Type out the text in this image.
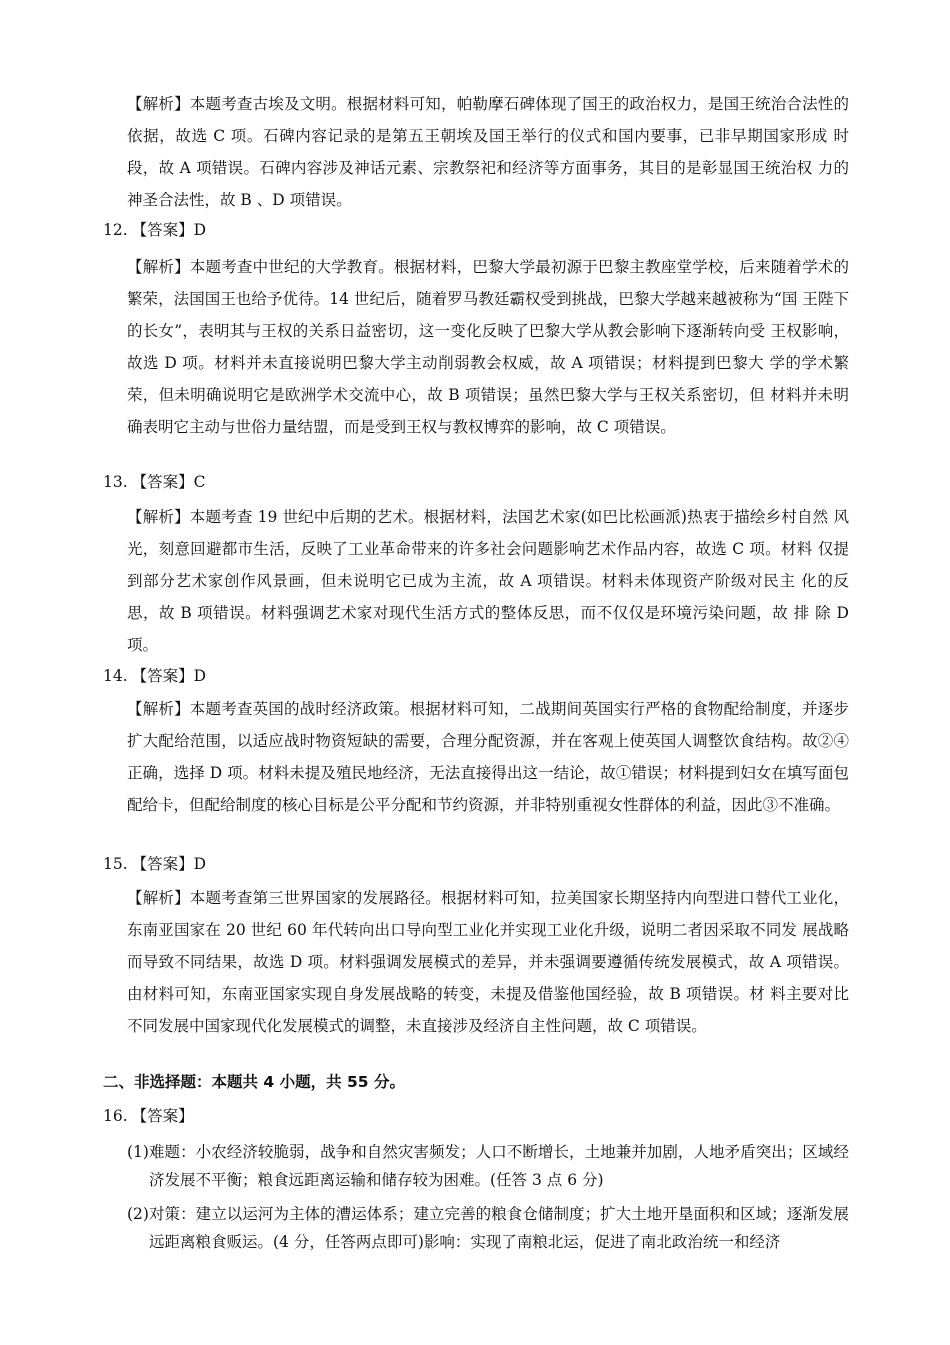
【解析】本题考查古埃及文明。根据材料可知，帕勒摩石碑体现了国王的政治权力，是国王统治合法性的依据，故选 C 项。石碑内容记录的是第五王朝埃及国王举行的仪式和国内要事，已非早期国家形成 时段，故 A 项错误。石碑内容涉及神话元素、宗教祭祀和经济等方面事务，其目的是彰显国王统治权 力的神圣合法性，故 B 、D 项错误。

12. 【答案】D

【解析】本题考查中世纪的大学教育。根据材料，巴黎大学最初源于巴黎主教座堂学校，后来随着学术的繁荣，法国国王也给予优待。14 世纪后，随着罗马教廷霸权受到挑战，巴黎大学越来越被称为“国 王陛下的长女”，表明其与王权的关系日益密切，这一变化反映了巴黎大学从教会影响下逐渐转向受 王权影响，故选 D 项。材料并未直接说明巴黎大学主动削弱教会权威，故 A 项错误；材料提到巴黎大 学的学术繁荣，但未明确说明它是欧洲学术交流中心，故 B 项错误；虽然巴黎大学与王权关系密切，但 材料并未明确表明它主动与世俗力量结盟，而是受到王权与教权博弈的影响，故 C 项错误。

13. 【答案】C

【解析】本题考查 19 世纪中后期的艺术。根据材料，法国艺术家(如巴比松画派)热衷于描绘乡村自然 风光，刻意回避都市生活，反映了工业革命带来的许多社会问题影响艺术作品内容，故选 C 项。材料 仅提到部分艺术家创作风景画，但未说明它已成为主流，故 A 项错误。材料未体现资产阶级对民主 化的反思，故 B 项错误。材料强调艺术家对现代生活方式的整体反思，而不仅仅是环境污染问题，故 排 除 D 项。

14. 【答案】D

【解析】本题考查英国的战时经济政策。根据材料可知，二战期间英国实行严格的食物配给制度，并逐步扩大配给范围，以适应战时物资短缺的需要，合理分配资源，并在客观上使英国人调整饮食结构。故②④正确，选择 D 项。材料未提及殖民地经济，无法直接得出这一结论，故①错误；材料提到妇女在填写面包配给卡，但配给制度的核心目标是公平分配和节约资源，并非特别重视女性群体的利益，因此③不准确。

15. 【答案】D

【解析】本题考查第三世界国家的发展路径。根据材料可知，拉美国家长期坚持内向型进口替代工业化，东南亚国家在 20 世纪 60 年代转向出口导向型工业化并实现工业化升级，说明二者因采取不同发 展战略而导致不同结果，故选 D 项。材料强调发展模式的差异，并未强调要遵循传统发展模式，故 A 项错误。由材料可知，东南亚国家实现自身发展战略的转变，未提及借鉴他国经验，故 B 项错误。材 料主要对比不同发展中国家现代化发展模式的调整，未直接涉及经济自主性问题，故 C 项错误。

二、非选择题：本题共 4 小题，共 55 分。

16. 【答案】

(1) 难题：小农经济较脆弱，战争和自然灾害频发；人口不断增长，土地兼并加剧，人地矛盾突出；区域经济发展不平衡；粮食远距离运输和储存较为困难。(任答 3 点 6 分)
(2) 对策：建立以运河为主体的漕运体系；建立完善的粮食仓储制度；扩大土地开垦面积和区域；逐渐发展远距离粮食贩运。(4 分，任答两点即可)影响：实现了南粮北运，促进了南北政治统一和经济
